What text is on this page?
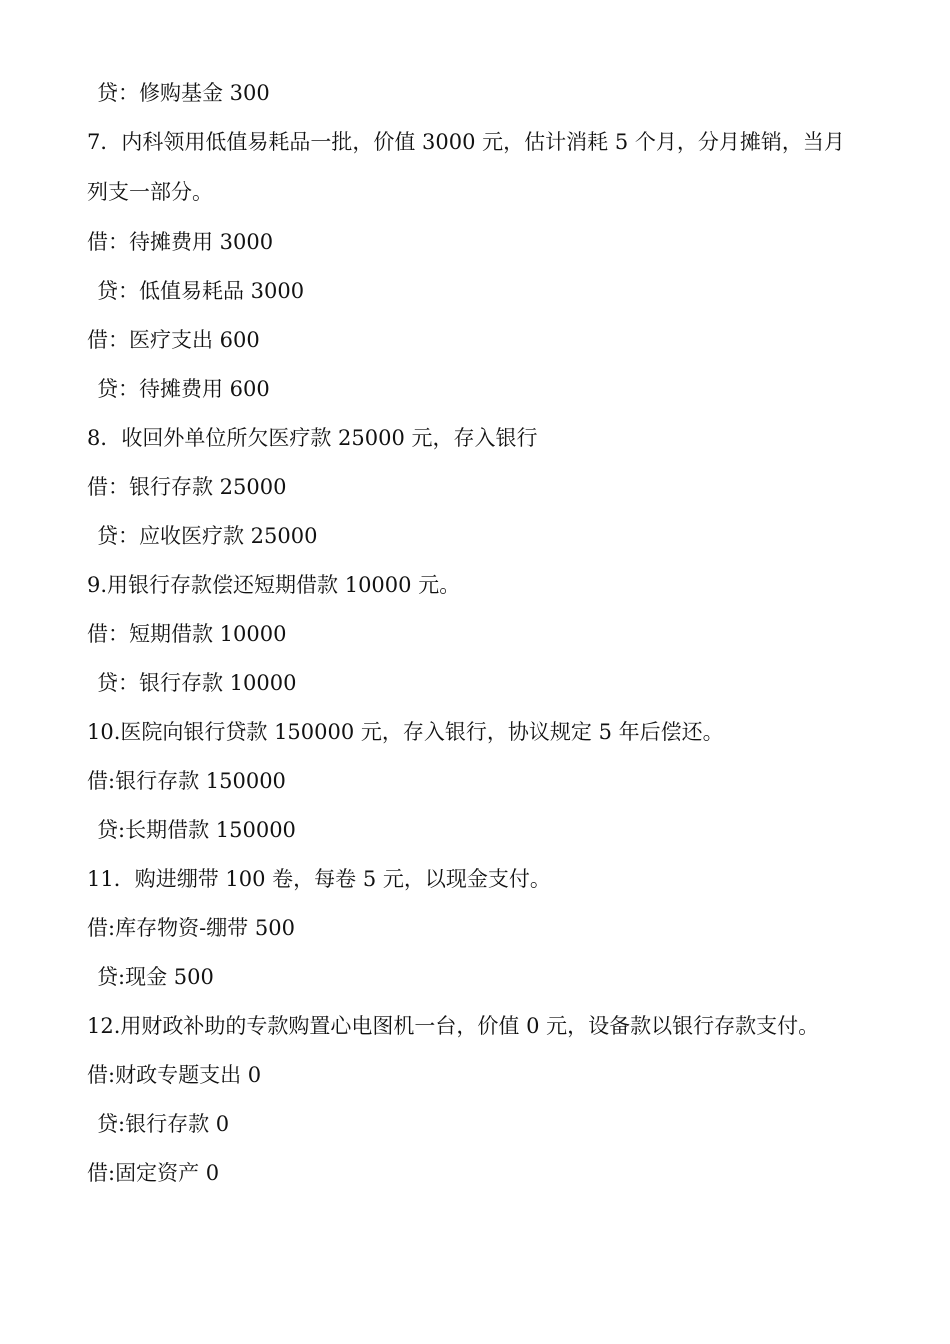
贷：修购基金 300
7．内科领用低值易耗品一批，价值 3000 元，估计消耗 5 个月，分月摊销，当月
列支一部分。
借：待摊费用 3000
贷：低值易耗品 3000
借：医疗支出 600
贷：待摊费用 600
8．收回外单位所欠医疗款 25000 元，存入银行
借：银行存款 25000
贷：应收医疗款 25000
9.用银行存款偿还短期借款 10000 元。
借：短期借款 10000
贷：银行存款 10000
10.医院向银行贷款 150000 元，存入银行，协议规定 5 年后偿还。
借:银行存款 150000
贷:长期借款 150000
11．购进绷带 100 卷，每卷 5 元，以现金支付。
借:库存物资-绷带 500
贷:现金 500
12.用财政补助的专款购置心电图机一台，价值 0 元，设备款以银行存款支付。
借:财政专题支出 0
贷:银行存款 0
借:固定资产 0
